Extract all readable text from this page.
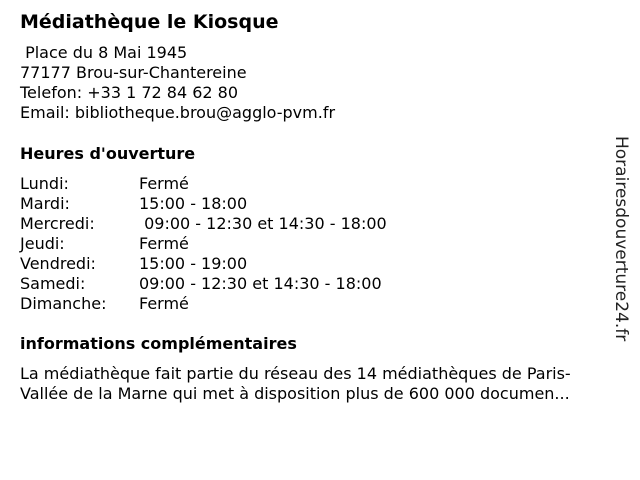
Médiathèque le Kiosque
Place du 8 Mai 1945
77177 Brou-sur-Chantereine
Telefon: +33 1 72 84 62 80
Email: bibliotheque.brou@agglo-pvm.fr
Heures d'ouverture
Lundi:	Fermé
Mardi:	15:00 - 18:00
Mercredi:	09:00 - 12:30 et 14:30 - 18:00
Jeudi:	Fermé
Vendredi:	15:00 - 19:00
Samedi:	09:00 - 12:30 et 14:30 - 18:00
Dimanche: Fermé
informations complémentaires
La médiathèque fait partie du réseau des 14 médiathèques de Paris-
Vallée de la Marne qui met à disposition plus de 600 000 documen...
Horairesdouverture24.fr
